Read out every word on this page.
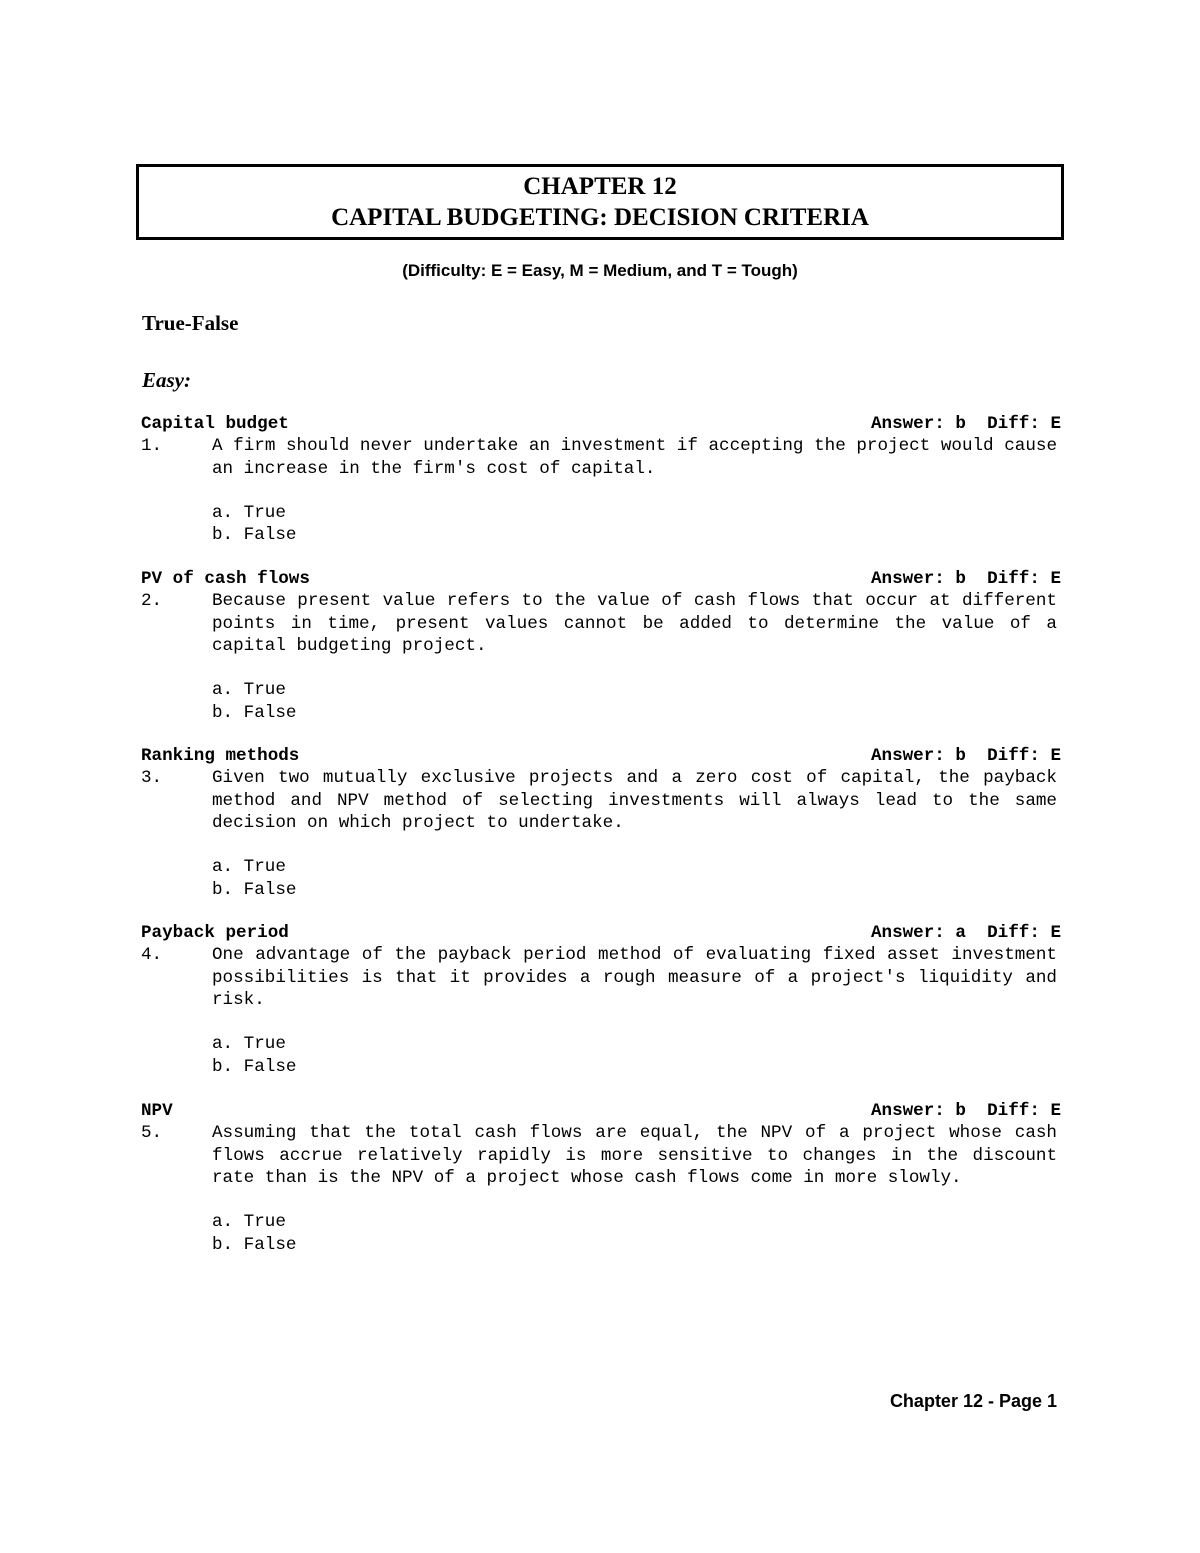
CHAPTER 12
CAPITAL BUDGETING: DECISION CRITERIA
(Difficulty: E = Easy, M = Medium, and T = Tough)
True-False
Easy:
Capital budget	Answer: b  Diff: E
1.	A firm should never undertake an investment if accepting the project would cause an increase in the firm's cost of capital.
a. True
b. False
PV of cash flows	Answer: b  Diff: E
2.	Because present value refers to the value of cash flows that occur at different points in time, present values cannot be added to determine the value of a capital budgeting project.
a. True
b. False
Ranking methods	Answer: b  Diff: E
3.	Given two mutually exclusive projects and a zero cost of capital, the payback method and NPV method of selecting investments will always lead to the same decision on which project to undertake.
a. True
b. False
Payback period	Answer: a  Diff: E
4.	One advantage of the payback period method of evaluating fixed asset investment possibilities is that it provides a rough measure of a project's liquidity and risk.
a. True
b. False
NPV	Answer: b  Diff: E
5.	Assuming that the total cash flows are equal, the NPV of a project whose cash flows accrue relatively rapidly is more sensitive to changes in the discount rate than is the NPV of a project whose cash flows come in more slowly.
a. True
b. False
Chapter 12 - Page 1
